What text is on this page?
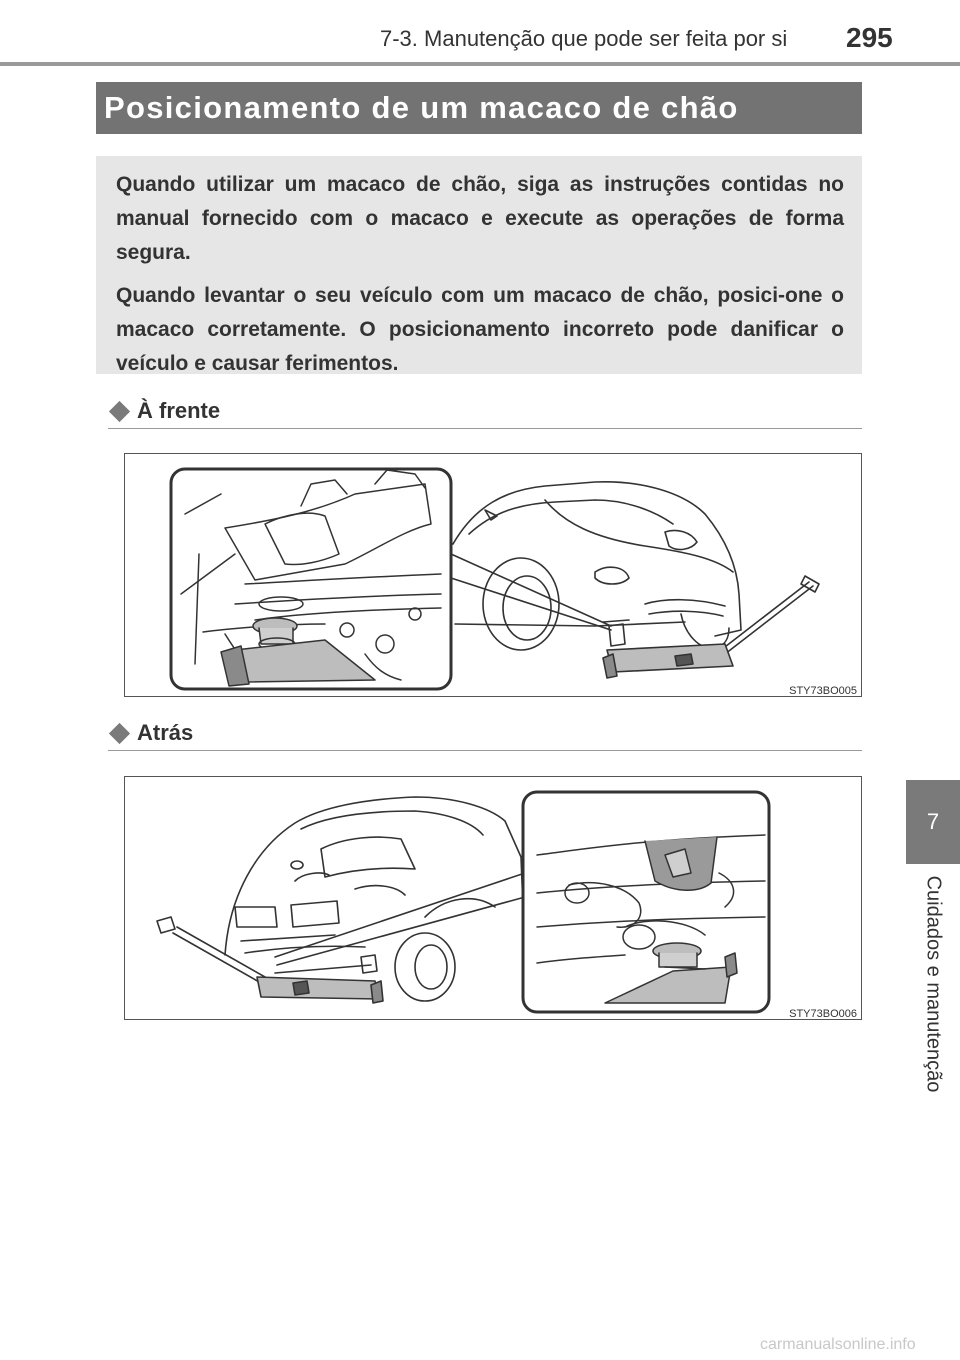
7-3. Manutenção que pode ser feita por si 295
7
Cuidados e manutenção
Posicionamento de um macaco de chão

Quando utilizar um macaco de chão, siga as instruções contidas no manual fornecido com o macaco e execute as operações de forma segura.

Quando levantar o seu veículo com um macaco de chão, posici-one o macaco corretamente. O posicionamento incorreto pode danificar o veículo e causar ferimentos.

À frente
STY73BO005
Atrás
STY73BO006
carmanualsonline.info
